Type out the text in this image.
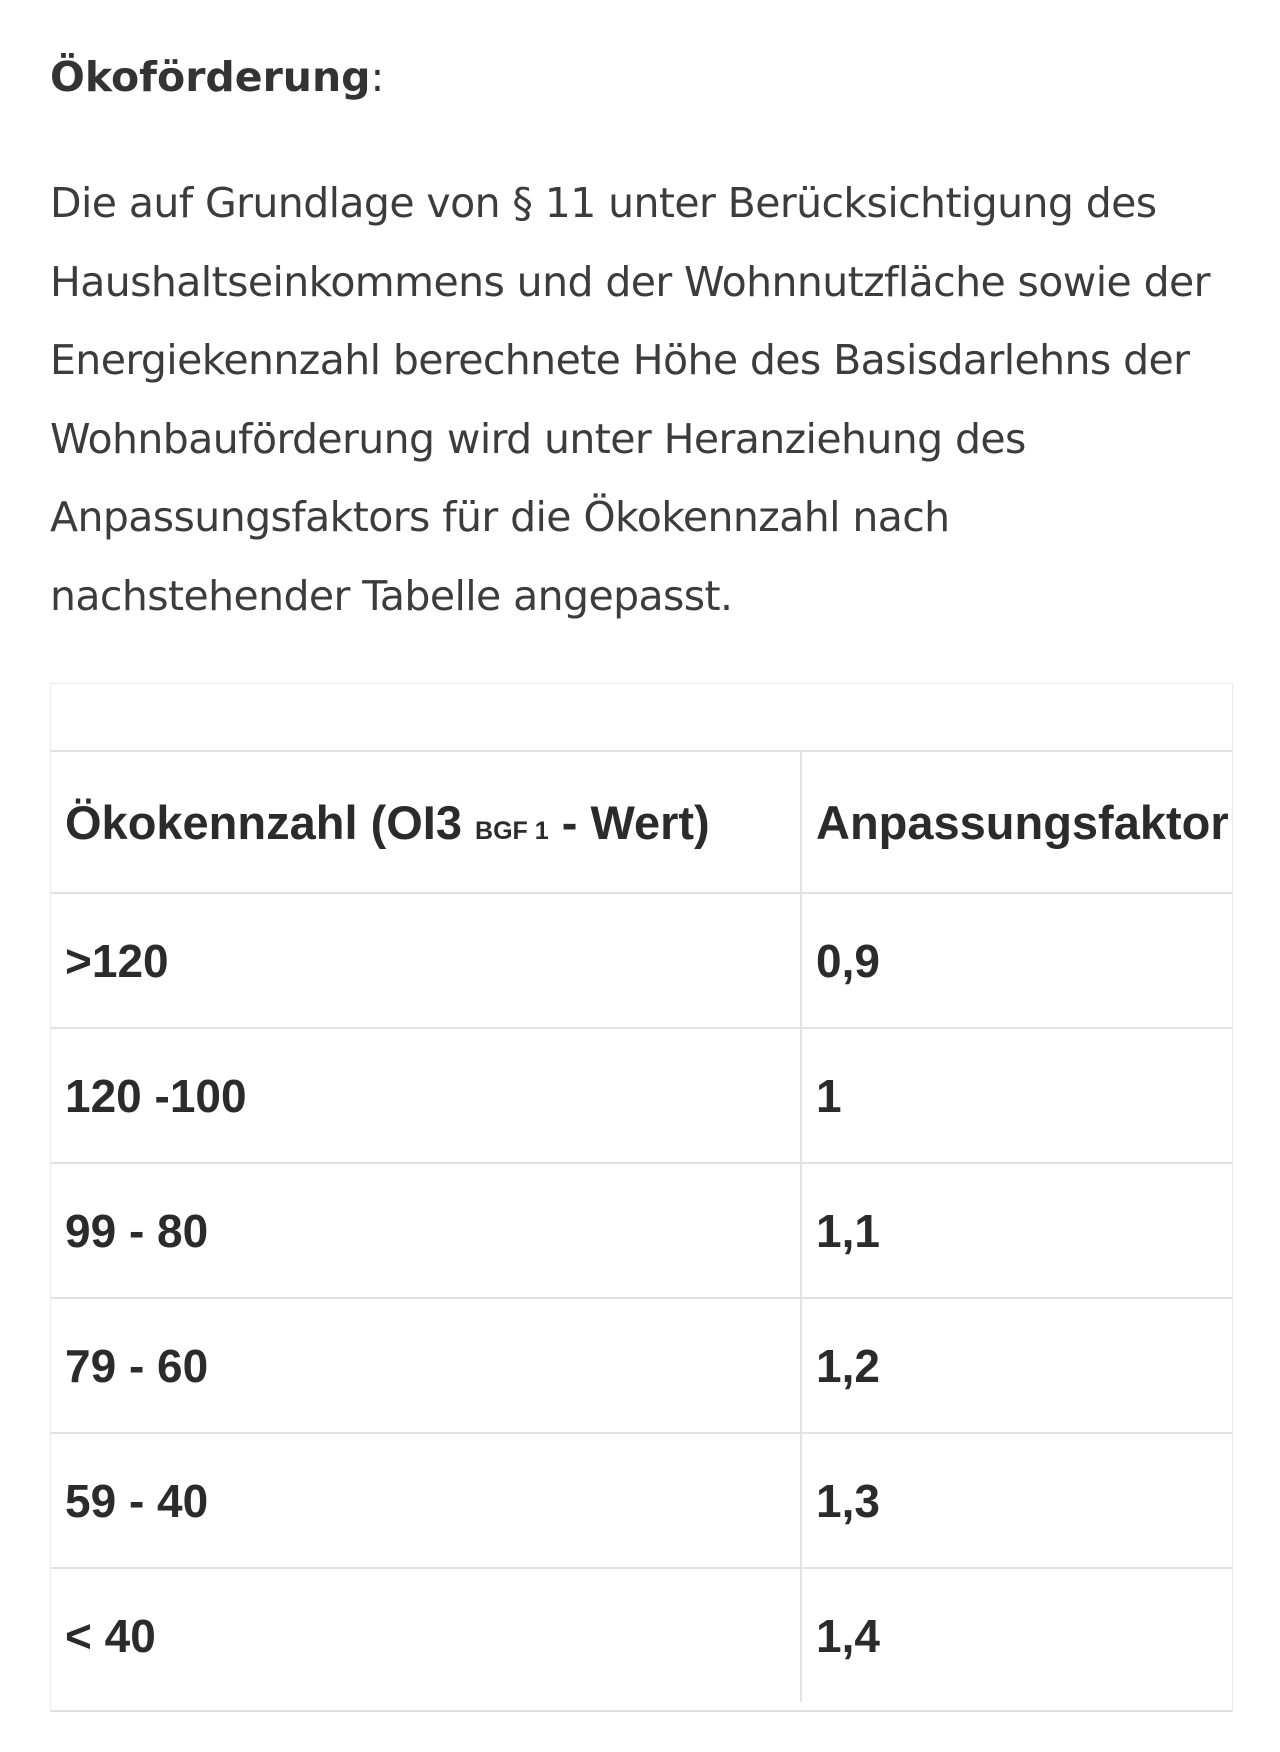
Ökoförderung:

Die auf Grundlage von § 11 unter Berücksichtigung des Haushaltseinkommens und der Wohnnutzfläche sowie der Energiekennzahl berechnete Höhe des Basisdarlehns der Wohnbauförderung wird unter Heranziehung des Anpassungsfaktors für die Ökokennzahl nach nachstehender Tabelle angepasst.

Ökokennzahl (OI3 BGF 1 - Wert)	Anpassungsfaktor
>120	0,9
120 -100	1
99 - 80	1,1
79 - 60	1,2
59 - 40	1,3
< 40	1,4
